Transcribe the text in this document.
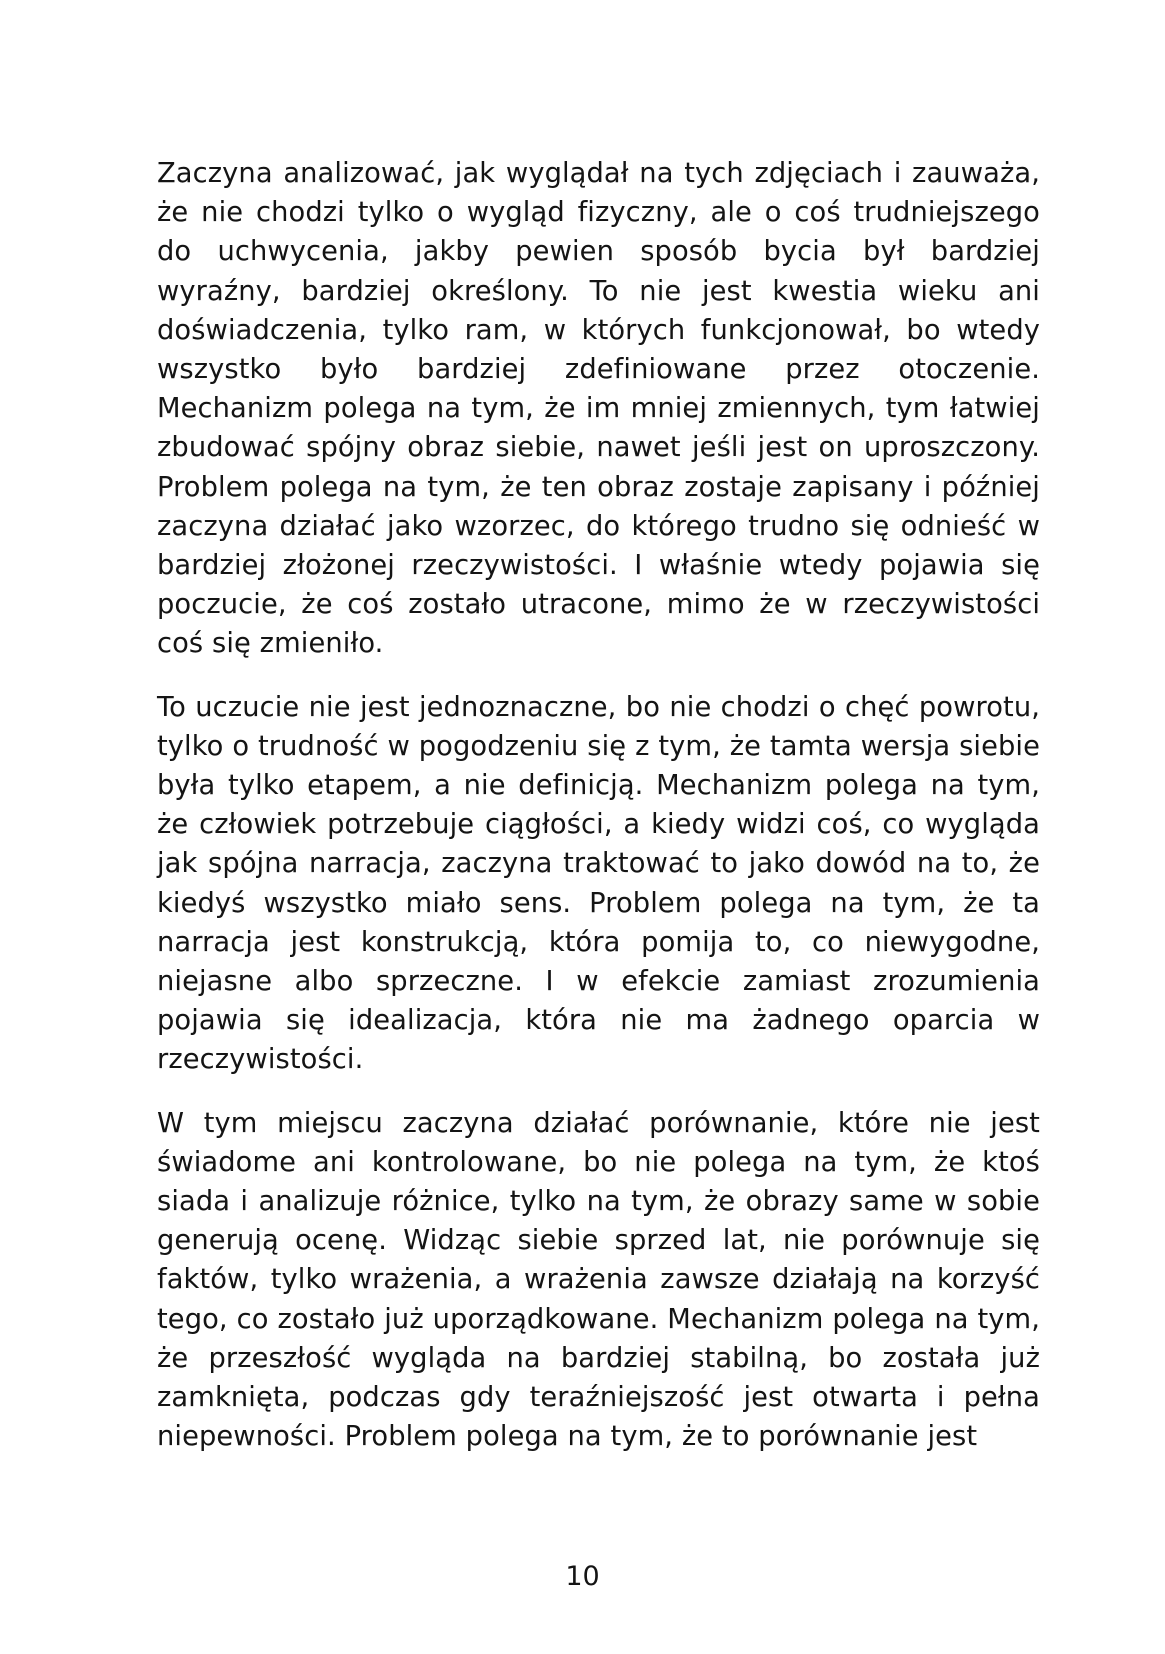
Zaczyna analizować, jak wyglądał na tych zdjęciach i zauważa, że nie chodzi tylko o wygląd fizyczny, ale o coś trudniejszego do uchwycenia, jakby pewien sposób bycia był bardziej wyraźny, bardziej określony. To nie jest kwestia wieku ani doświadczenia, tylko ram, w których funkcjonował, bo wtedy wszystko było bardziej zdefiniowane przez otoczenie. Mechanizm polega na tym, że im mniej zmiennych, tym łatwiej zbudować spójny obraz siebie, nawet jeśli jest on uproszczony. Problem polega na tym, że ten obraz zostaje zapisany i później zaczyna działać jako wzorzec, do którego trudno się odnieść w bardziej złożonej rzeczywistości. I właśnie wtedy pojawia się poczucie, że coś zostało utracone, mimo że w rzeczywistości coś się zmieniło.

To uczucie nie jest jednoznaczne, bo nie chodzi o chęć powrotu, tylko o trudność w pogodzeniu się z tym, że tamta wersja siebie była tylko etapem, a nie definicją. Mechanizm polega na tym, że człowiek potrzebuje ciągłości, a kiedy widzi coś, co wygląda jak spójna narracja, zaczyna traktować to jako dowód na to, że kiedyś wszystko miało sens. Problem polega na tym, że ta narracja jest konstrukcją, która pomija to, co niewygodne, niejasne albo sprzeczne. I w efekcie zamiast zrozumienia pojawia się idealizacja, która nie ma żadnego oparcia w rzeczywistości.

W tym miejscu zaczyna działać porównanie, które nie jest świadome ani kontrolowane, bo nie polega na tym, że ktoś siada i analizuje różnice, tylko na tym, że obrazy same w sobie generują ocenę. Widząc siebie sprzed lat, nie porównuje się faktów, tylko wrażenia, a wrażenia zawsze działają na korzyść tego, co zostało już uporządkowane. Mechanizm polega na tym, że przeszłość wygląda na bardziej stabilną, bo została już zamknięta, podczas gdy teraźniejszość jest otwarta i pełna niepewności. Problem polega na tym, że to porównanie jest

10
